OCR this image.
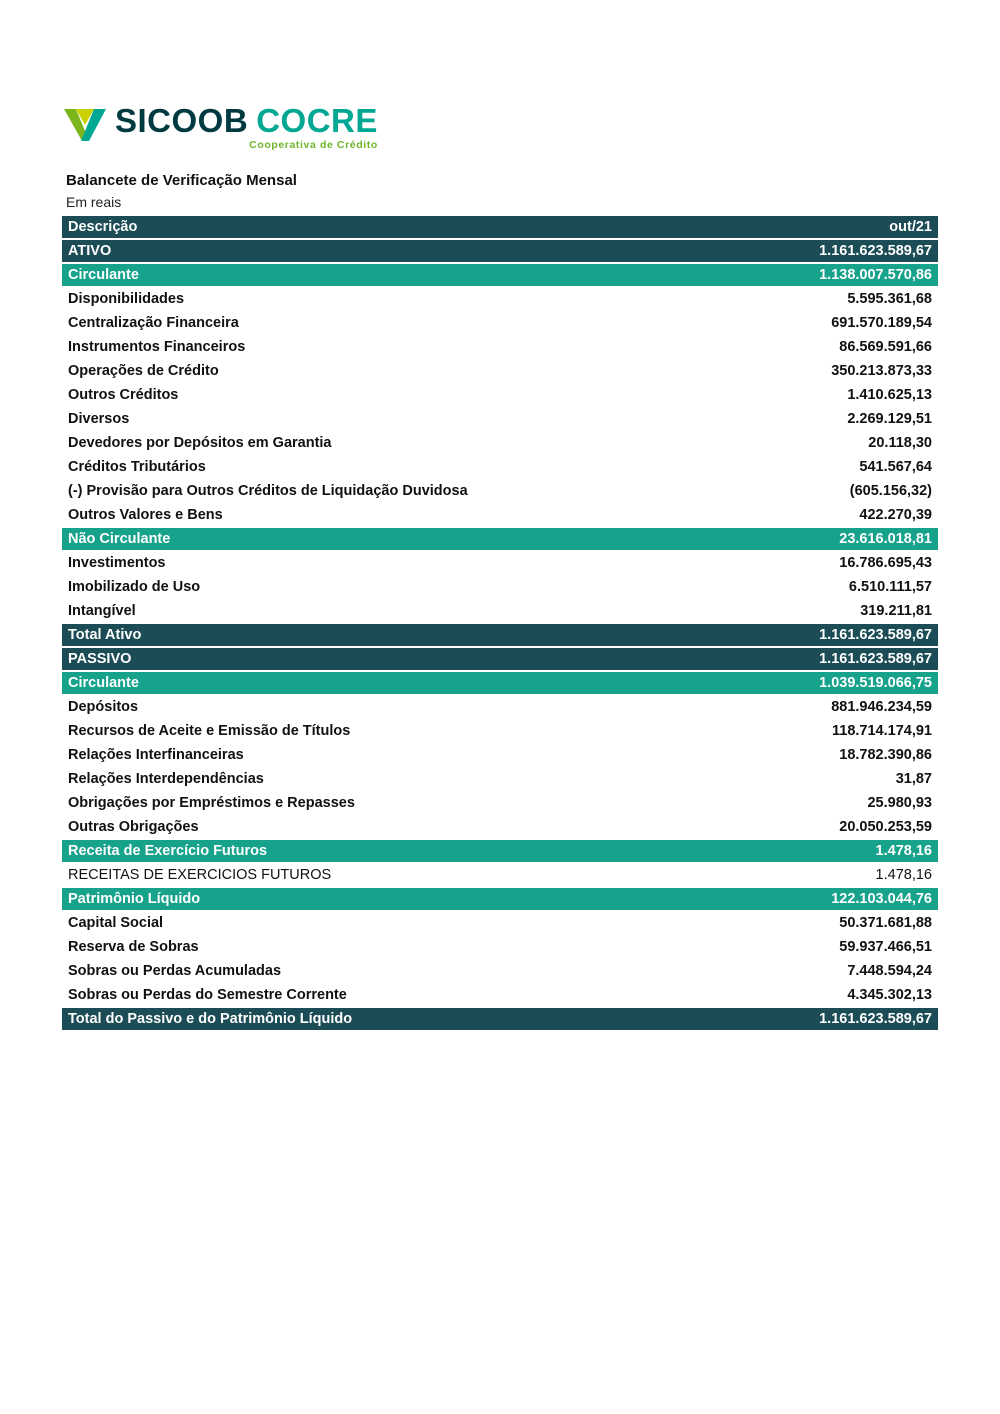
SICOOB COCRE
Cooperativa de Crédito
Balancete de Verificação Mensal
Em reais
Descrição	out/21
ATIVO	1.161.623.589,67
Circulante	1.138.007.570,86
Disponibilidades	5.595.361,68
Centralização Financeira	691.570.189,54
Instrumentos Financeiros	86.569.591,66
Operações de Crédito	350.213.873,33
Outros Créditos	1.410.625,13
Diversos	2.269.129,51
Devedores por Depósitos em Garantia	20.118,30
Créditos Tributários	541.567,64
(-) Provisão para Outros Créditos de Liquidação Duvidosa	(605.156,32)
Outros Valores e Bens	422.270,39
Não Circulante	23.616.018,81
Investimentos	16.786.695,43
Imobilizado de Uso	6.510.111,57
Intangível	319.211,81
Total Ativo	1.161.623.589,67
PASSIVO	1.161.623.589,67
Circulante	1.039.519.066,75
Depósitos	881.946.234,59
Recursos de Aceite e Emissão de Títulos	118.714.174,91
Relações Interfinanceiras	18.782.390,86
Relações Interdependências	31,87
Obrigações por Empréstimos e Repasses	25.980,93
Outras Obrigações	20.050.253,59
Receita de Exercício Futuros	1.478,16
RECEITAS DE EXERCICIOS FUTUROS	1.478,16
Patrimônio Líquido	122.103.044,76
Capital Social	50.371.681,88
Reserva de Sobras	59.937.466,51
Sobras ou Perdas Acumuladas	7.448.594,24
Sobras ou Perdas do Semestre Corrente	4.345.302,13
Total do Passivo e do Patrimônio Líquido	1.161.623.589,67
